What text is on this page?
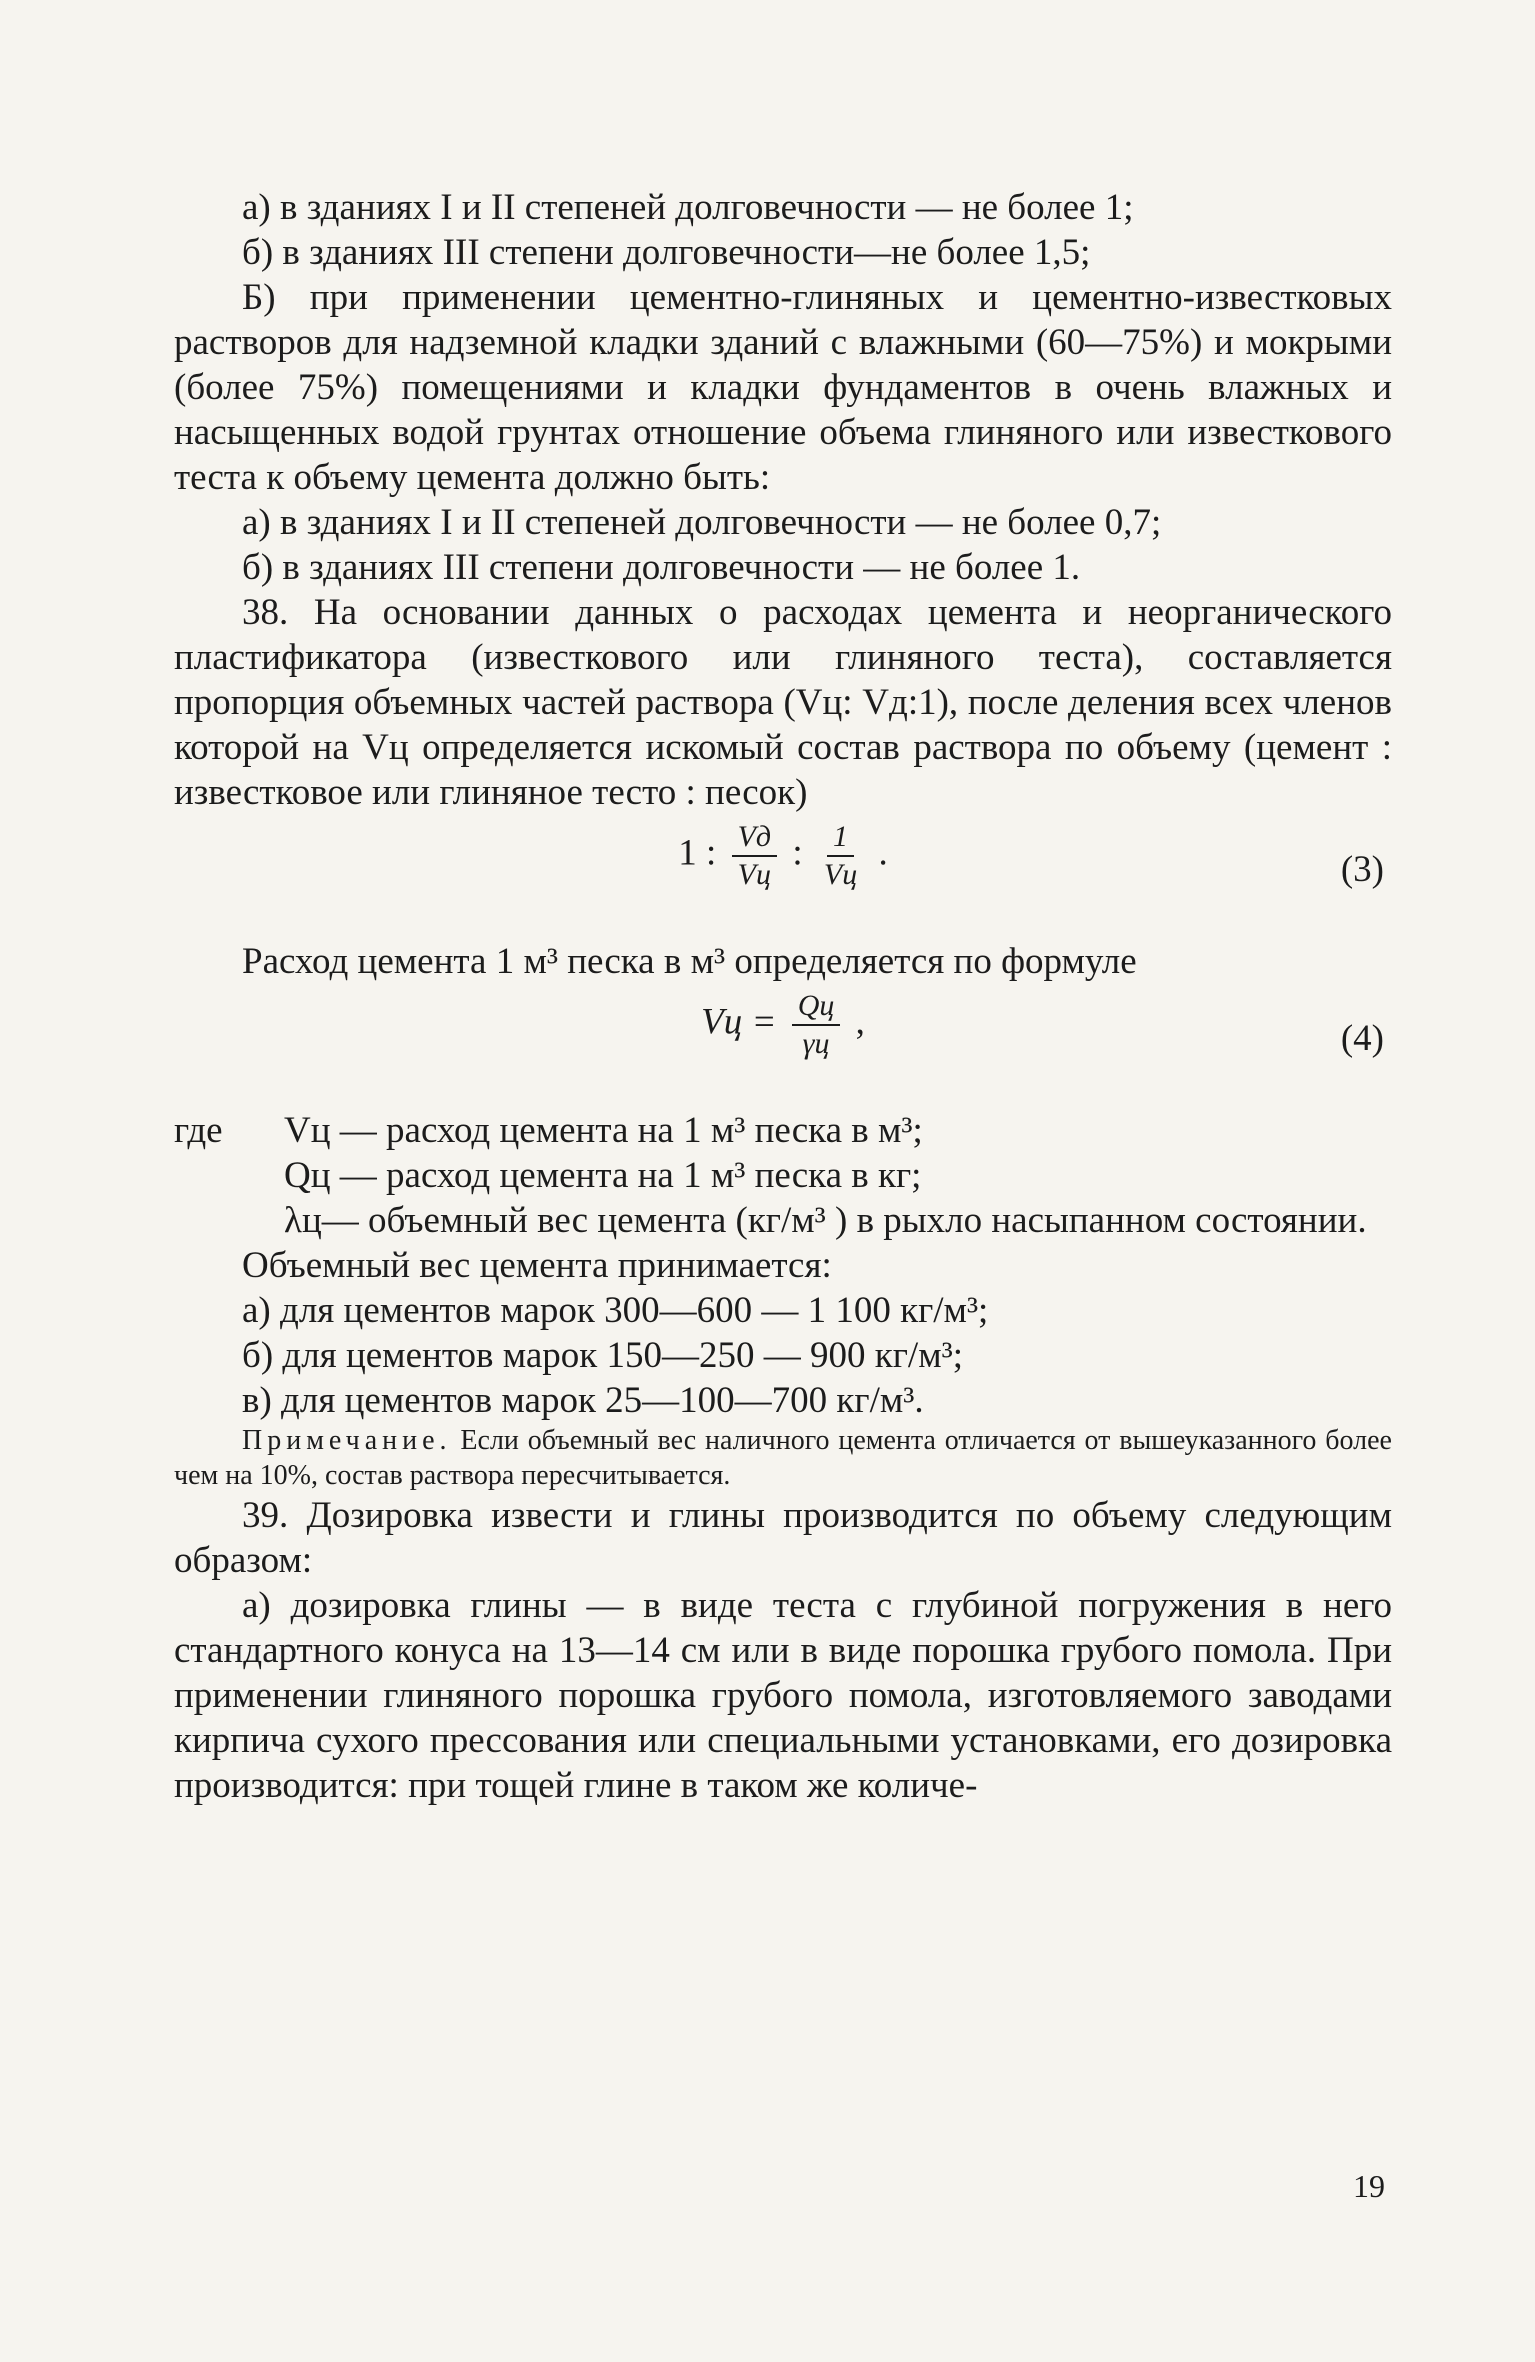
а) в зданиях I и II степеней долговечности — не более 1;

б) в зданиях III степени долговечности—не более 1,5;

Б) при применении цементно-глиняных и цементно-известковых растворов для надземной кладки зданий с влажными (60—75%) и мокрыми (более 75%) помещениями и кладки фундаментов в очень влажных и насыщенных водой грунтах отношение объема глиняного или известкового теста к объему цемента должно быть:

а) в зданиях I и II степеней долговечности — не более 0,7;

б) в зданиях III степени долговечности — не более 1.

38. На основании данных о расходах цемента и неорганического пластификатора (известкового или глиняного теста), составляется пропорция объемных частей раствора (Vц: Vд:1), после деления всех членов которой на Vц определяется искомый состав раствора по объему (цемент : известковое или глиняное тесто : песок)

1 : $\frac{Vд}{Vц}$ : $\frac{1}{Vц}$ .	(3)

Расход цемента 1 м³ песка в м³ определяется по формуле

Vц = $\frac{Qц}{\gamma ц}$ ,	(4)
где	Vц — расход цемента на 1 м³ песка в м³;
Qц — расход цемента на 1 м³ песка в кг;
λц— объемный вес цемента (кг/м³ ) в рыхло насыпанном состоянии.

Объемный вес цемента принимается:

а) для цементов марок 300—600 — 1 100 кг/м³;

б) для цементов марок 150—250 — 900 кг/м³;

в) для цементов марок 25—100—700 кг/м³.

Примечание. Если объемный вес наличного цемента отличается от вышеуказанного более чем на 10%, состав раствора пересчитывается.

39. Дозировка извести и глины производится по объему следующим образом:

а) дозировка глины — в виде теста с глубиной погружения в него стандартного конуса на 13—14 см или в виде порошка грубого помола. При применении глиняного порошка грубого помола, изготовляемого заводами кирпича сухого прессования или специальными установками, его дозировка производится: при тощей глине в таком же количе-

19
